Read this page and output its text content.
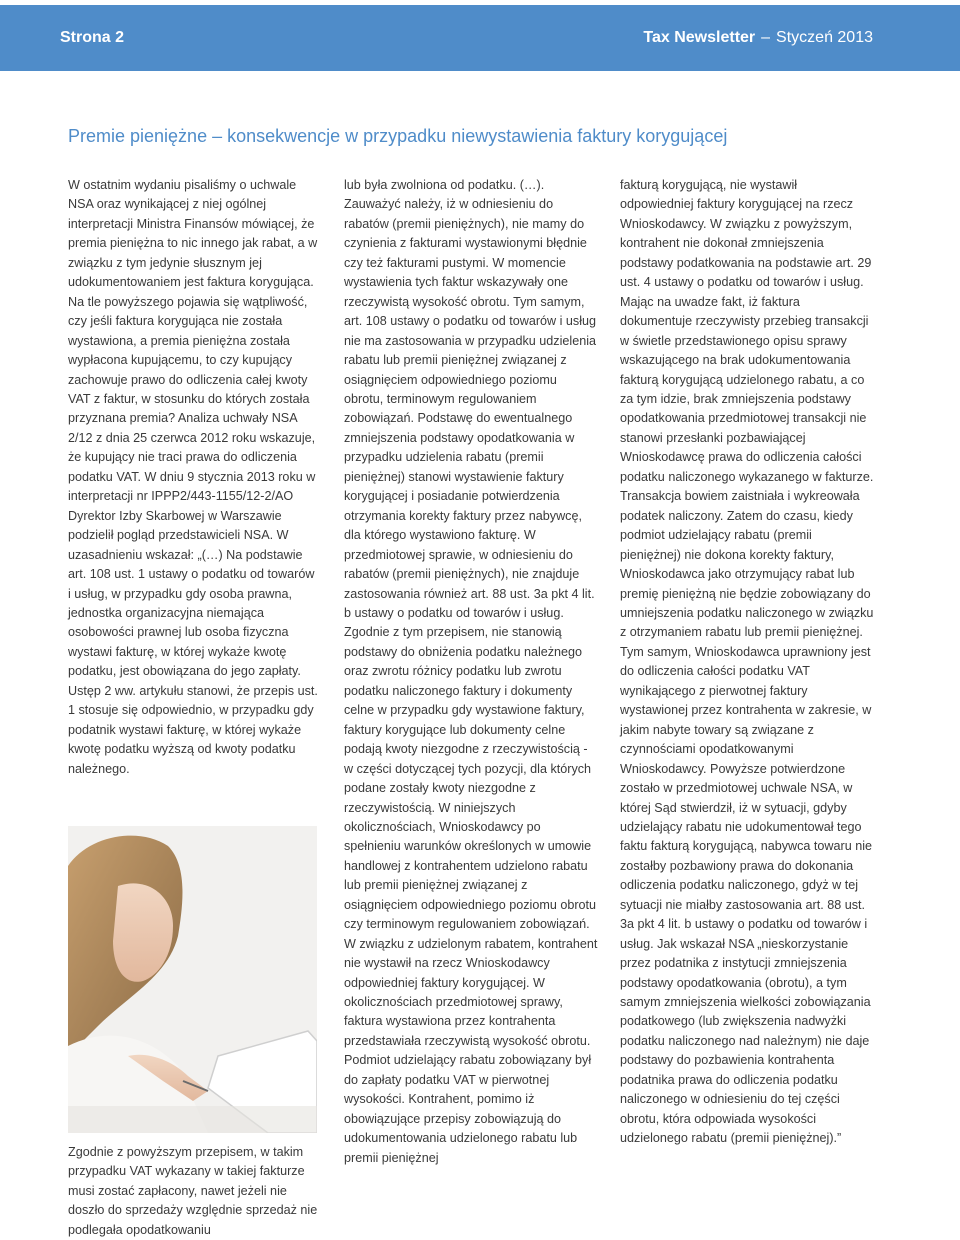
Strona 2	Tax Newsletter – Styczeń 2013
Premie pieniężne – konsekwencje w przypadku niewystawienia faktury korygującej

W ostatnim wydaniu pisaliśmy o uchwale NSA oraz wynikającej z niej ogólnej interpretacji Ministra Finansów mówiącej, że premia pieniężna to nic innego jak rabat, a w związku z tym jedynie słusznym jej udokumentowaniem jest faktura korygująca. Na tle powyższego pojawia się wątpliwość, czy jeśli faktura korygująca nie została wystawiona, a premia pieniężna została wypłacona kupującemu, to czy kupujący zachowuje prawo do odliczenia całej kwoty VAT z faktur, w stosunku do których została przyznana premia? Analiza uchwały NSA 2/12 z dnia 25 czerwca 2012 roku wskazuje, że kupujący nie traci prawa do odliczenia podatku VAT. W dniu 9 stycznia 2013 roku w interpretacji nr IPPP2/443-1155/12-2/AO Dyrektor Izby Skarbowej w Warszawie podzielił pogląd przedstawicieli NSA. W uzasadnieniu wskazał: „(…) Na podstawie art. 108 ust. 1 ustawy o podatku od towarów i usług, w przypadku gdy osoba prawna, jednostka organizacyjna niemająca osobowości prawnej lub osoba fizyczna wystawi fakturę, w której wykaże kwotę podatku, jest obowiązana do jego zapłaty. Ustęp 2 ww. artykułu stanowi, że przepis ust. 1 stosuje się odpowiednio, w przypadku gdy podatnik wystawi fakturę, w której wykaże kwotę podatku wyższą od kwoty podatku należnego.

Zgodnie z powyższym przepisem, w takim przypadku VAT wykazany w takiej fakturze musi zostać zapłacony, nawet jeżeli nie doszło do sprzedaży względnie sprzedaż nie podlegała opodatkowaniu

lub była zwolniona od podatku. (…). Zauważyć należy, iż w odniesieniu do rabatów (premii pieniężnych), nie mamy do czynienia z fakturami wystawionymi błędnie czy też fakturami pustymi. W momencie wystawienia tych faktur wskazywały one rzeczywistą wysokość obrotu. Tym samym, art. 108 ustawy o podatku od towarów i usług nie ma zastosowania w przypadku udzielenia rabatu lub premii pieniężnej związanej z osiągnięciem odpowiedniego poziomu obrotu, terminowym regulowaniem zobowiązań. Podstawę do ewentualnego zmniejszenia podstawy opodatkowania w przypadku udzielenia rabatu (premii pieniężnej) stanowi wystawienie faktury korygującej i posiadanie potwierdzenia otrzymania korekty faktury przez nabywcę, dla którego wystawiono fakturę. W przedmiotowej sprawie, w odniesieniu do rabatów (premii pieniężnych), nie znajduje zastosowania również art. 88 ust. 3a pkt 4 lit. b ustawy o podatku od towarów i usług. Zgodnie z tym przepisem, nie stanowią podstawy do obniżenia podatku należnego oraz zwrotu różnicy podatku lub zwrotu podatku naliczonego faktury i dokumenty celne w przypadku gdy wystawione faktury, faktury korygujące lub dokumenty celne podają kwoty niezgodne z rzeczywistością - w części dotyczącej tych pozycji, dla których podane zostały kwoty niezgodne z rzeczywistością. W niniejszych okolicznościach, Wnioskodawcy po spełnieniu warunków określonych w umowie handlowej z kontrahentem udzielono rabatu lub premii pieniężnej związanej z osiągnięciem odpowiedniego poziomu obrotu czy terminowym regulowaniem zobowiązań. W związku z udzielonym rabatem, kontrahent nie wystawił na rzecz Wnioskodawcy odpowiedniej faktury korygującej. W okolicznościach przedmiotowej sprawy, faktura wystawiona przez kontrahenta przedstawiała rzeczywistą wysokość obrotu. Podmiot udzielający rabatu zobowiązany był do zapłaty podatku VAT w pierwotnej wysokości. Kontrahent, pomimo iż obowiązujące przepisy zobowiązują do udokumentowania udzielonego rabatu lub premii pieniężnej

fakturą korygującą, nie wystawił odpowiedniej faktury korygującej na rzecz Wnioskodawcy. W związku z powyższym, kontrahent nie dokonał zmniejszenia podstawy podatkowania na podstawie art. 29 ust. 4 ustawy o podatku od towarów i usług. Mając na uwadze fakt, iż faktura dokumentuje rzeczywisty przebieg transakcji w świetle przedstawionego opisu sprawy wskazującego na brak udokumentowania fakturą korygującą udzielonego rabatu, a co za tym idzie, brak zmniejszenia podstawy opodatkowania przedmiotowej transakcji nie stanowi przesłanki pozbawiającej Wnioskodawcę prawa do odliczenia całości podatku naliczonego wykazanego w fakturze. Transakcja bowiem zaistniała i wykreowała podatek naliczony. Zatem do czasu, kiedy podmiot udzielający rabatu (premii pieniężnej) nie dokona korekty faktury, Wnioskodawca jako otrzymujący rabat lub premię pieniężną nie będzie zobowiązany do umniejszenia podatku naliczonego w związku z otrzymaniem rabatu lub premii pieniężnej. Tym samym, Wnioskodawca uprawniony jest do odliczenia całości podatku VAT wynikającego z pierwotnej faktury wystawionej przez kontrahenta w zakresie, w jakim nabyte towary są związane z czynnościami opodatkowanymi Wnioskodawcy. Powyższe potwierdzone zostało w przedmiotowej uchwale NSA, w której Sąd stwierdził, iż w sytuacji, gdyby udzielający rabatu nie udokumentował tego faktu fakturą korygującą, nabywca towaru nie zostałby pozbawiony prawa do dokonania odliczenia podatku naliczonego, gdyż w tej sytuacji nie miałby zastosowania art. 88 ust. 3a pkt 4 lit. b ustawy o podatku od towarów i usług. Jak wskazał NSA „nieskorzystanie przez podatnika z instytucji zmniejszenia podstawy opodatkowania (obrotu), a tym samym zmniejszenia wielkości zobowiązania podatkowego (lub zwiększenia nadwyżki podatku naliczonego nad należnym) nie daje podstawy do pozbawienia kontrahenta podatnika prawa do odliczenia podatku naliczonego w odniesieniu do tej części obrotu, która odpowiada wysokości udzielonego rabatu (premii pieniężnej).”
